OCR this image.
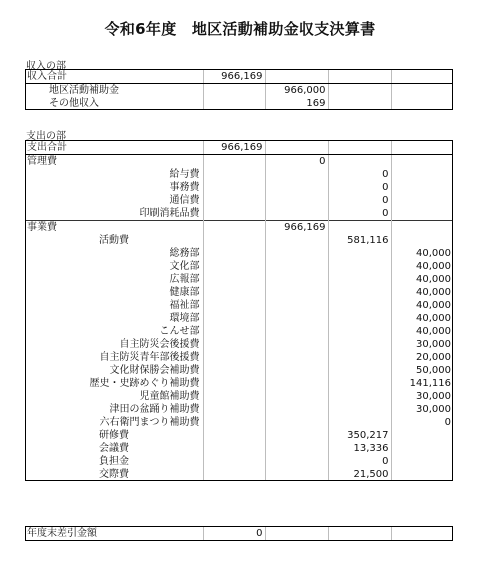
令和6年度　地区活動補助金収支決算書
収入の部
収入合計	966,169			
地区活動補助金		966,000		
その他収入		169		
支出の部
支出合計	966,169			
管理費		0		
給与費			0	
事務費			0	
通信費			0	
印刷消耗品費			0	
事業費		966,169		
活動費			581,116	
総務部				40,000
文化部				40,000
広報部				40,000
健康部				40,000
福祉部				40,000
環境部				40,000
こんせ部				40,000
自主防災会後援費				30,000
自主防災青年部後援費				20,000
文化財保勝会補助費				50,000
歴史・史跡めぐり補助費				141,116
児童館補助費				30,000
津田の盆踊り補助費				30,000
六右衛門まつり補助費				0
研修費			350,217	
会議費			13,336	
負担金			0	
交際費			21,500	
年度末差引金額	0			
